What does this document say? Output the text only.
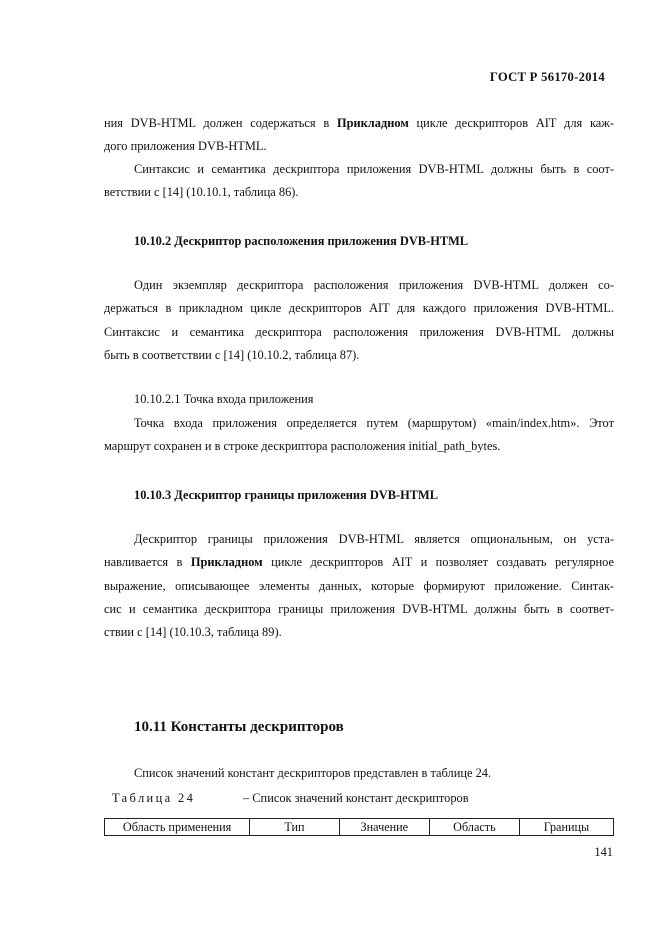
ГОСТ Р 56170-2014
ния DVB-HTML должен содержаться в Прикладном цикле дескрипторов AIT для каж-
дого приложения DVB-HTML.
Синтаксис и семантика дескриптора приложения DVB-HTML должны быть в соот-
ветствии с [14] (10.10.1, таблица 86).
10.10.2 Дескриптор расположения приложения DVB-HTML
Один экземпляр дескриптора расположения приложения DVB-HTML должен со-
держаться в прикладном цикле дескрипторов AIT для каждого приложения DVB-HTML.
Синтаксис и семантика дескриптора расположения приложения DVB-HTML должны
быть в соответствии с [14] (10.10.2, таблица 87).
10.10.2.1 Точка входа приложения
Точка входа приложения определяется путем (маршрутом) «main/index.htm». Этот
маршрут сохранен и в строке дескриптора расположения initial_path_bytes.
10.10.3 Дескриптор границы приложения DVB-HTML
Дескриптор границы приложения DVB-HTML является опциональным, он уста-
навливается в Прикладном цикле дескрипторов AIT и позволяет создавать регулярное
выражение, описывающее элементы данных, которые формируют приложение. Синтак-
сис и семантика дескриптора границы приложения DVB-HTML должны быть в соответ-
ствии с [14] (10.10.3, таблица 89).
10.11 Константы дескрипторов
Список значений констант дескрипторов представлен в таблице 24.
Таблица 24	– Список значений констант дескрипторов
Область применения	Тип	Значение	Область	Границы
141
